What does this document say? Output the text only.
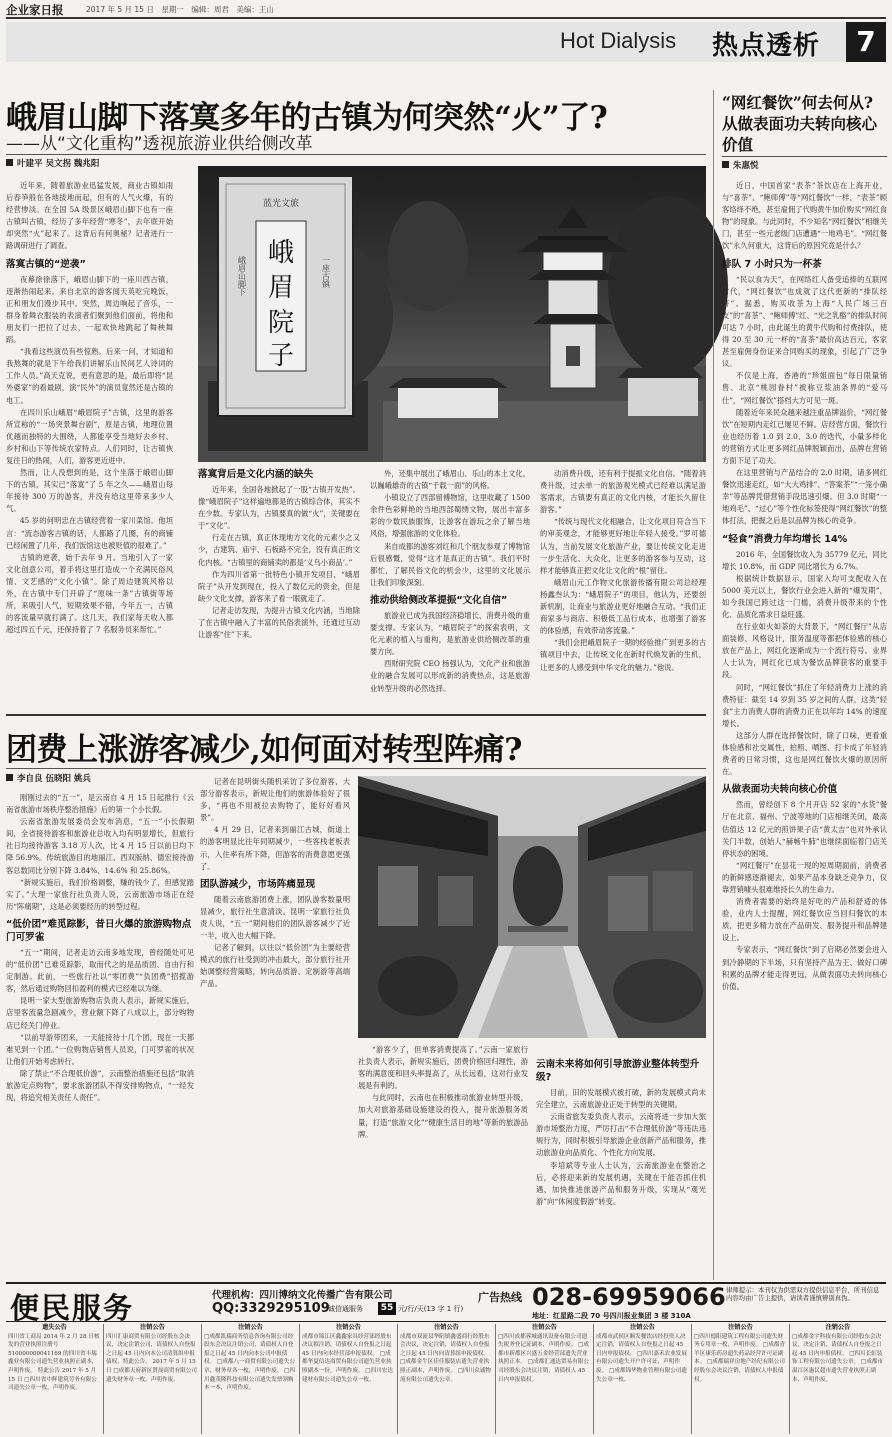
企业家日报	2017 年 5 月 15 日　星期一　编辑：周君　美编：王山
Hot Dialysis 热点透析	7
峨眉山脚下落寞多年的古镇为何突然“火”了?
——从“文化重构”透视旅游业供给侧改革
叶建平 吴文拐 魏兆阳

近年来，随着旅游业迅猛发展，商业古镇如雨后春笋般在各地拔地而起，但有的人气火爆，有的经营惨淡。在全国 5A 级景区峨眉山脚下也有一座古镇叫古镇，经历了多年经营“寒冬”，去年底开始却突然“火”起来了。这背后有何奥秘？记者进行一路调研进行了调查。

落寞古镇的“逆袭”

夜幕徐徐落下，峨眉山脚下的一座川西古镇，逐渐热闹起来。来自北京的游客闻天英吃完晚饭，正和朋友们漫步其中。突然，周边响起了音乐，一群身着舞衣服装的表演者们聚到他们面前，将他和朋友们一把拉了过去，一起欢快地跳起了舞秧舞蹈。

“我看这些演员有些惊熟。后来一问，才知道和我熬舞的就是下午给我们讲解乐山民间艺人诗词的工作人员。”高天克说，更有意思的是，最后即将“昆外婆家”的看最剧，演“民外”的演员竟然还是古镇的电工。

在四川乐山峨眉“峨眉院子”古镇，这里的游客所宣称的“一场突景舞台剧”，原是古镇，地理位置优越而独特的大围绕，人都能享受当地好去乡村、乡村和山下等传统农家特点。人们同时，让古镇恢复往日的热闹，人们，游客更近进中。

然而，让人没想到的是，这个坐落于峨眉山脚下的古镇，其实已“落寞”了 5 年之久——峨眉山每年接待 300 万的游客，并没有给这里带来多少人气。

45 岁的何明忠在古镇经营着一家川菜馆。他坦言：“流态游客古镇的话，人都路了几圈，有的商铺已经闲置了几年，我们饭馆这也被贬值的很难了。”

古镇的逆袭，始于去年 9 月。当地引入了一家文化创意公司，着手将这里打造成一个充满民俗风情、文艺感的“文化小镇”。除了周边建筑风格以外，在古镇中专门开辟了“原味一条”古镇街等场所，来吸引人气，短期效果不错，今年五一，古镇的客流量早就打满了。这几天，我们家每天收入都超过四五千元，还保持着了 7 名服务员来帮忙。”

峨
眉
院
子
蓝光文旅
峨眉山脚下	一座古镇
落寞背后是文化内涵的缺失

近年来，全国各地掀起了一股“古镇开发热”。像“峨眉院子”这样遍地都是的古镇综合体，其实不在少数。专家认为，古镇要真的做“火”，关键要在于“文化”。

行走在古镇，真正体现地方文化的元素少之又少，古建筑、庙宇、石板路不完全，没有真正的文化内核。“古镇里的商铺卖的都是‘义乌小商品’。”

作为四川省第一批特色小镇开发项目，“峨眉院子”从开发到现在，投入了数亿元的资金，但是缺少文化支撑，游客来了看一眼就走了。

记者走访发现，为提升古镇文化内涵，当地除了在古镇中融入了丰富的民俗表演外，还通过互动让游客“住”下来。

外，还集中展出了峨眉山、乐山的本土文化，以巍峨雄奇的古镇“千载一面”的风格。

小镇设立了西部留傅物馆，这里收藏了 1500 余件色彩鲜艳的当地西部蜀绣文物，展出丰富多彩的少数民族服饰，让游客在游玩之余了解当地风俗，增强旅游的文化体验。

来自成都的游客刘红和几个朋友参观了博物馆后很感慨，觉得“这才是真正的古镇”。我们平时都忙，了解民俗文化的机会少，这里的文化展示让我们印象深刻。

推动供给侧改革提振“文化自信”

旅游业已成为我国经济稳增长、消费升级的重要支撑。专家认为，“峨眉院子”的探索表明，文化元素的植入与重构，是旅游业供给侧改革的重要方向。

西财研究院 CEO 杨强认为，文化产业和旅游业的融合发展可以形成新的消费热点，这是旅游业转型升级的必然选择。

动消费升级，还有利于提振文化自信。“随着消费升级，过去单一的旅游观光模式已经难以满足游客需求，古镇要有真正的文化内核，才能长久留住游客。”

“传统与现代文化相融合，让文化项目符合当下的审美观念，才能够更好地让年轻人接受。”罗可德认为，当前发展文化旅游产业，要让传统文化走进一步生活化、大众化，让更多的游客参与互动，这样才能够真正把文化让文化的“根”留住。

峨眉山元工作物文化旅游传播有限公司总经理杨鑫叁认为：“峨眉院子”的项目，他认为，还要创新机制，让商业与旅游业更好地融合互动。“我们正商家多与商店、积极低工品行成本，也增强了游客的体验感，有效带动客流量。”

“我们会把峨眉院子一期的经验推广到更多的古镇项目中去，让传统文化在新时代焕发新的生机，让更多的人感受到中华文化的魅力。”他说。

“网红餐饮”何去何从?从做表面功夫转向核心价值
朱惠悦

近日，中国首家“表茶”茶饮店在上海开业，与“喜茶”、“鲍师傅”等“网红餐饮”一样，“表茶”顾客络绎不绝，甚至雇佣了代购黄牛加价购买“网红食物”的现象。与此同时，不少知名“网红餐饮”相继关门，甚至一些元老级门店遭遇“一地鸡毛”。“网红餐饮”永久何重大，这背后的原因究竟是什么？

排队 7 小时只为一杯茶

“民以食为天”，在网络红人备受追捧的互联网时代，“网红餐饮”也成就了这代更新的“排队经济”。据悉，购买收茶为上海“人民广场三百支”的“喜茶”、“鲍师傅”红、“光之乳酪”的排队时间可达 7 小时，由此诞生的黄牛代购和付费排队，使得 20 至 30 元一杯的“喜茶”最价高达百元，客家甚至雇佣身份证来合同购买的现象，引起了广泛争议。

不仅是上海，香港的“珍姐面包”每日限量销售、北京“桃园眷村”被称豆浆油条界的“爱马仕”，“网红餐饮”搭档大方可见一斑。

随着近年来民众越来越注重品牌溢价，“网红餐饮”在短期内走红已屡见不鲜。店经营方面，餐饮行业也经历着 1.0 到 2.0、3.0 的迭代，小量多样化的营销方式让更多网红品牌脱颖而出，品牌在营销方面下足了功夫。

在这里营销与产品结合的 2.0 时期，诸多网红餐饮迅速走红，如“大大鸡排”、“答案茶”“一笼小确幸”等品牌凭借营销手段迅速引爆。但 3.0 时期“一地鸡毛”、“过心”等个性化标签使得“网红餐饮”的整体打法，把握之后是以品牌为核心的竞争。

“轻食”消费力年均增长 14%

2016 年，全国餐饮收入为 35779 亿元，同比增长 10.8%，而 GDP 同比增长为 6.7%。

根据统计数据显示，国家入均可支配收入在 5000 美元以上，餐饮行业会进入新的“爆发期”，如今我国已跨过这一门槛，消费升级带来的个性化、品质化需求日益旺盛。

在行业如火如荼的大背景下，“网红餐厅”从店面装修、风格设计，服务温度等都把体验感的核心放在产品上，网红化逐渐成为一个流行符号。业界人士认为，网红化已成为餐饮品牌获客的重要手段。

同时，“网红餐饮”抓住了年轻消费力上涨的消费特征：截至 14 岁到 35 岁之间的人群，这类“轻食”主力消费人群的消费力正在以年均 14% 的速度增长。

这部分人群在选择餐饮时，除了口味，更看重体验感和社交属性，拍照、晒图、打卡成了年轻消费者的日常习惯，这也是网红餐饮火爆的原因所在。

从做表面功夫转向核心价值

然而，曾经创下 8 个月开店 52 家的“水货”餐厅在北京、福州、宁波等地的门店相继关闭，最高估值达 12 亿元的煎饼果子店“黄太吉”也对外承认关门半数，创始人“赫畅牛肺”也继续面临着门店关停状态的困境。

“网红餐厅”在昙花一现的短周期面前，消费者的新鲜感逐渐褪去，如果产品本身缺乏竞争力，仅靠营销噱头很难维持长久的生命力。

消费者需要的始终是好吃的产品和舒适的体验，业内人士提醒，网红餐饮应当回归餐饮的本质，把更多精力放在产品研发、服务提升和品牌建设上。

专家表示，“网红餐饮”到了启期必然要会进入到冷静期的下半场，只有坚持产品为王、做好口碑积累的品牌才能走得更远，从做表面功夫转向核心价值。

团费上涨游客减少,如何面对转型阵痛?
李自良 伍晓阳 姚兵

刚刚过去的“五一”，是云南自 4 月 15 日起推行《云南省旅游市场秩序整治措施》后的第一个小长假。

云南省旅游发展委员会发布消息，“五一”小长假期间，全省接待游客和旅游业总收入均有明显增长，但旅行社日均接待游客 3.18 万人次，比 4 月 15 日以前日均下降 56.9%。传统旅游目的地丽江、西双版纳、德宏接待游客总数同比分别下降 3.84%、14.6% 和 25.86%。

“新规实施后，我们价格调整，赚的钱少了，但感觉踏实了。”大理一家旅行社负责人说，云南旅游市场正在经历“阵痛期”，这是必须要经历的转型过程。

“低价团”难觅踪影，昔日火爆的旅游购物点门可罗雀

“五一”期间，记者走访云南多地发现，曾经随处可见的“低价团”已难觅踪影，取而代之的是品质团、自由行和定制游。此前，一些旅行社以“零团费”“负团费”招揽游客，然后通过购物回扣盈利的模式已经难以为继。

昆明一家大型旅游购物店负责人表示，新规实施后，店里客流量急剧减少，营业额下降了八成以上，部分购物店已经关门停业。

“以前导游带团来，一天能接待十几个团，现在一天都难见到一个团。”一位购物店销售人员说，门可罗雀的状况让他们开始考虑转行。

除了禁止“不合理低价游”，云南整治措施还包括“取消旅游定点购物”，要求旅游团队不得安排购物点，“一经发现，将追究相关责任人责任”。

记者在昆明街头随机采访了多位游客，大部分游客表示，新规让他们的旅游体验好了很多，“再也不用被拉去购物了，能好好看风景”。

4 月 29 日，记者来到丽江古城，街道上的游客明显比往年同期减少，一些客栈老板表示，入住率有所下降，但游客的消费意愿更强了。

团队游减少，市场阵痛显现

随着云南旅游团费上涨，团队游客数量明显减少，旅行社生意清淡。昆明一家旅行社负责人说，“五一”期间他们的团队游客减少了近一半，收入也大幅下降。

记者了解到，以往以“低价团”为主要经营模式的旅行社受到的冲击最大，部分旅行社开始调整经营策略，转向品质游、定制游等高端产品。

“游客少了，但单客消费提高了。”云南一家旅行社负责人表示，新规实施后，团费价格回归理性，游客的满意度和回头率提高了，从长远看，这对行业发展是有利的。

与此同时，云南也在积极推动旅游业转型升级，加大对旅游基础设施建设的投入，提升旅游服务质量，打造“旅游文化”“健康生活目的地”等新的旅游品牌。

云南未来将如何引导旅游业整体转型升级?

目前，旧的发展模式被打破，新的发展模式尚未完全建立，云南旅游业正处于转型的关键期。

云南省旅发委负责人表示，云南将进一步加大旅游市场整治力度，严厉打击“不合理低价游”等违法违规行为，同时积极引导旅游企业创新产品和服务，推动旅游业向品质化、个性化方向发展。

李培斌等专业人士认为，云南旅游业在整治之后，必将迎来新的发展机遇，关键在于能否抓住机遇，加快推进旅游产品和服务升级，实现从“观光游”向“休闲度假游”转变。

便民服务	代理机构：四川博纳文化传播广告有限公司
QQ:3329295109
诚信通服务	55 元/行/天(13 字 1 行)
广告热线 028-69959066
地址：红星路二段 70 号四川报业集团 3 楼 310A
律师提示：本刊仅为供需双方提供信息平台，所刊信息内容均由广告主提供，请读者谨慎辨别真伪。
遗失公告
四川省工商局 2014 年 2 月 28 日核发的营业执照注册号 510000000041169 的四川省丰瑞鑫业有限公司遗失营业执照正副本，声明作废。 特此公告 2017 年 5 月 15 日 □四川省中辉建筑劳务有限公司遗失公章一枚，声明作废。
注销公告
四川汇康商贸有限公司经股东会决议，决定注销公司，请债权人自登报之日起 45 日内向本公司清算组申报债权，特此公告。 2017 年 5 月 15 日 □成都天府新区贤晟商贸有限公司遗失财务章一枚，声明作废。
注销公告
□成都凯瑞商务信息咨询有限公司经股东会决议注销公司，请债权人自登报之日起 45 日内向本公司申报债权。 □成都八一商贸有限公司遗失公章、财务章各一枚，声明作废。 □四川鑫茂隆科技有限公司遗失发票领购本一本，声明作废。
注销公告
成都市锦江区鑫鑫家具经营部经股东决议拟注销，请债权人自登报之日起 45 日内向本经营部申报债权。 □成都华夏信达商贸有限公司遗失营业执照副本一份，声明作废。 □四川宏达建材有限公司遗失公章一枚。
注销公告
成都市双流县华阳镇鑫盛商行经股东会决议，决定注销，请债权人自登报之日起 45 日内向清算组申报债权。 □成都金牛区佳佳服装店遗失营业执照正副本，声明作废。 □四川众诚物流有限公司遗失公章。
注销公告
□四川成都蓉城通讯设备有限公司遗失税务登记证副本，声明作废。 □成都市新都区兴盛五金经营部遗失营业执照正本。 □成都汇通达贸易有限公司经股东会决议注销，请债权人 45 日内申报债权。
注销公告
成都市武侯区顺发餐饮店经投资人决定注销，请债权人自登报之日起 45 日内申报债权。 □四川嘉禾农业发展有限公司遗失开户许可证，声明作废。 □成都锦华物业管理有限公司遗失公章一枚。
注销公告
□四川德阳建筑工程有限公司遗失财务专用章一枚，声明作废。 □成都青羊区康乐药房遗失药品经营许可证副本。 □成都瑞祥房地产经纪有限公司经股东会决议注销，请债权人申报债权。
注销公告
□成都金宇科技有限公司经股东会决议，决定注销，请债权人自登报之日起 45 日内申报债权。 □四川长虹装饰工程有限公司遗失公章。 □成都市温江区惠民超市遗失营业执照正副本，声明作废。
